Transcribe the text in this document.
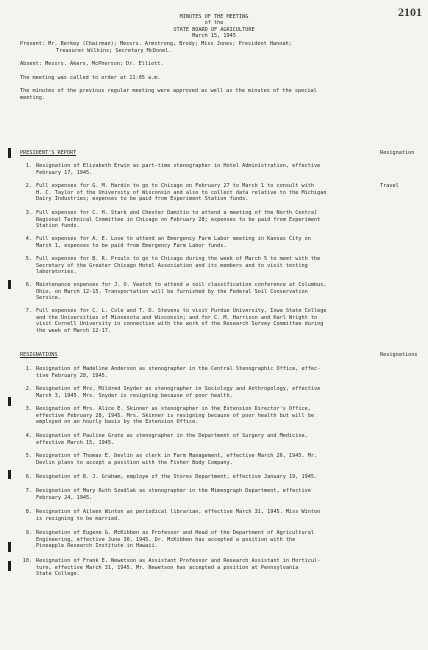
2101
MINUTES OF THE MEETING
of the
STATE BOARD OF AGRICULTURE
March 15, 1945
Present: Mr. Berkey (Chairman); Messrs. Armstrong, Brody; Miss Jones; President Hannah;
Treasurer Wilkins; Secretary McDonel.
Absent: Messrs. Akers, McPherson; Dr. Elliott.
The meeting was called to order at 11:05 a.m.
The minutes of the previous regular meeting were approved as well as the minutes of the special
meeting.
PRESIDENT'S REPORT	Resignation
1. Resignation of Elizabeth Erwin as part-time stenographer in Hotel Administration, effective
February 17, 1945.
2. Full expenses for G. M. Hardin to go to Chicago on February 27 to March 1 to consult with
H. C. Taylor of the University of Wisconsin and also to collect data relative to the Michigan
Dairy Industries; expenses to be paid from Experiment Station funds.
Travel
3. Full expenses for C. H. Stark and Chester Damitio to attend a meeting of the North Central
Regional Technical Committee in Chicago on February 28; expenses to be paid from Experiment
Station funds.
4. Full expenses for A. E. Love to attend an Emergency Farm Labor meeting in Kansas City on
March 1, expenses to be paid from Emergency Farm Labor funds.
5. Full expenses for B. R. Proulx to go to Chicago during the week of March 5 to meet with the
Secretary of the Greater Chicago Hotel Association and its members and to visit testing
laboratories.
6. Maintenance expenses for J. O. Veatch to attend a soil classification conference at Columbus,
Ohio, on March 12-15. Transportation will be furnished by the Federal Soil Conservation
Service.
7. Full expenses for C. L. Cole and T. D. Stevens to visit Purdue University, Iowa State College
and the Universities of Minnesota and Wisconsin; and for C. M. Harrison and Karl Wright to
visit Cornell University in connection with the work of the Research Survey Committee during
the week of March 12-17.
RESIGNATIONS	Resignations
1. Resignation of Madeline Anderson as stenographer in the Central Stenographic Office, effec-
tive February 28, 1945.
2. Resignation of Mrs. Mildred Snyder as stenographer in Sociology and Anthropology, effective
March 3, 1945. Mrs. Snyder is resigning because of poor health.
3. Resignation of Mrs. Alice E. Skinner as stenographer in the Extension Director's Office,
effective February 28, 1945. Mrs. Skinner is resigning because of poor health but will be
employed on an hourly basis by the Extension Office.
4. Resignation of Pauline Grate as stenographer in the Department of Surgery and Medicine,
effective March 15, 1945.
5. Resignation of Thomas E. Devlin as clerk in Farm Management, effective March 26, 1945. Mr.
Devlin plans to accept a position with the Fisher Body Company.
6. Resignation of B. J. Graham, employe of the Stores Department, effective January 19, 1945.
7. Resignation of Mary Ruth Szedlak as stenographer in the Mimeograph Department, effective
February 24, 1945.
8. Resignation of Aileen Winton as periodical librarian, effective March 31, 1945. Miss Winton
is resigning to be married.
9. Resignation of Eugene G. McKibben as Professor and Head of the Department of Agricultural
Engineering, effective June 30, 1945. Dr. McKibben has accepted a position with the
Pineapple Research Institute in Hawaii.
10. Resignation of Frank E. Newetson as Assistant Professor and Research Assistant in Horticul-
ture, effective March 31, 1945. Mr. Newetson has accepted a position at Pennsylvania
State College.
